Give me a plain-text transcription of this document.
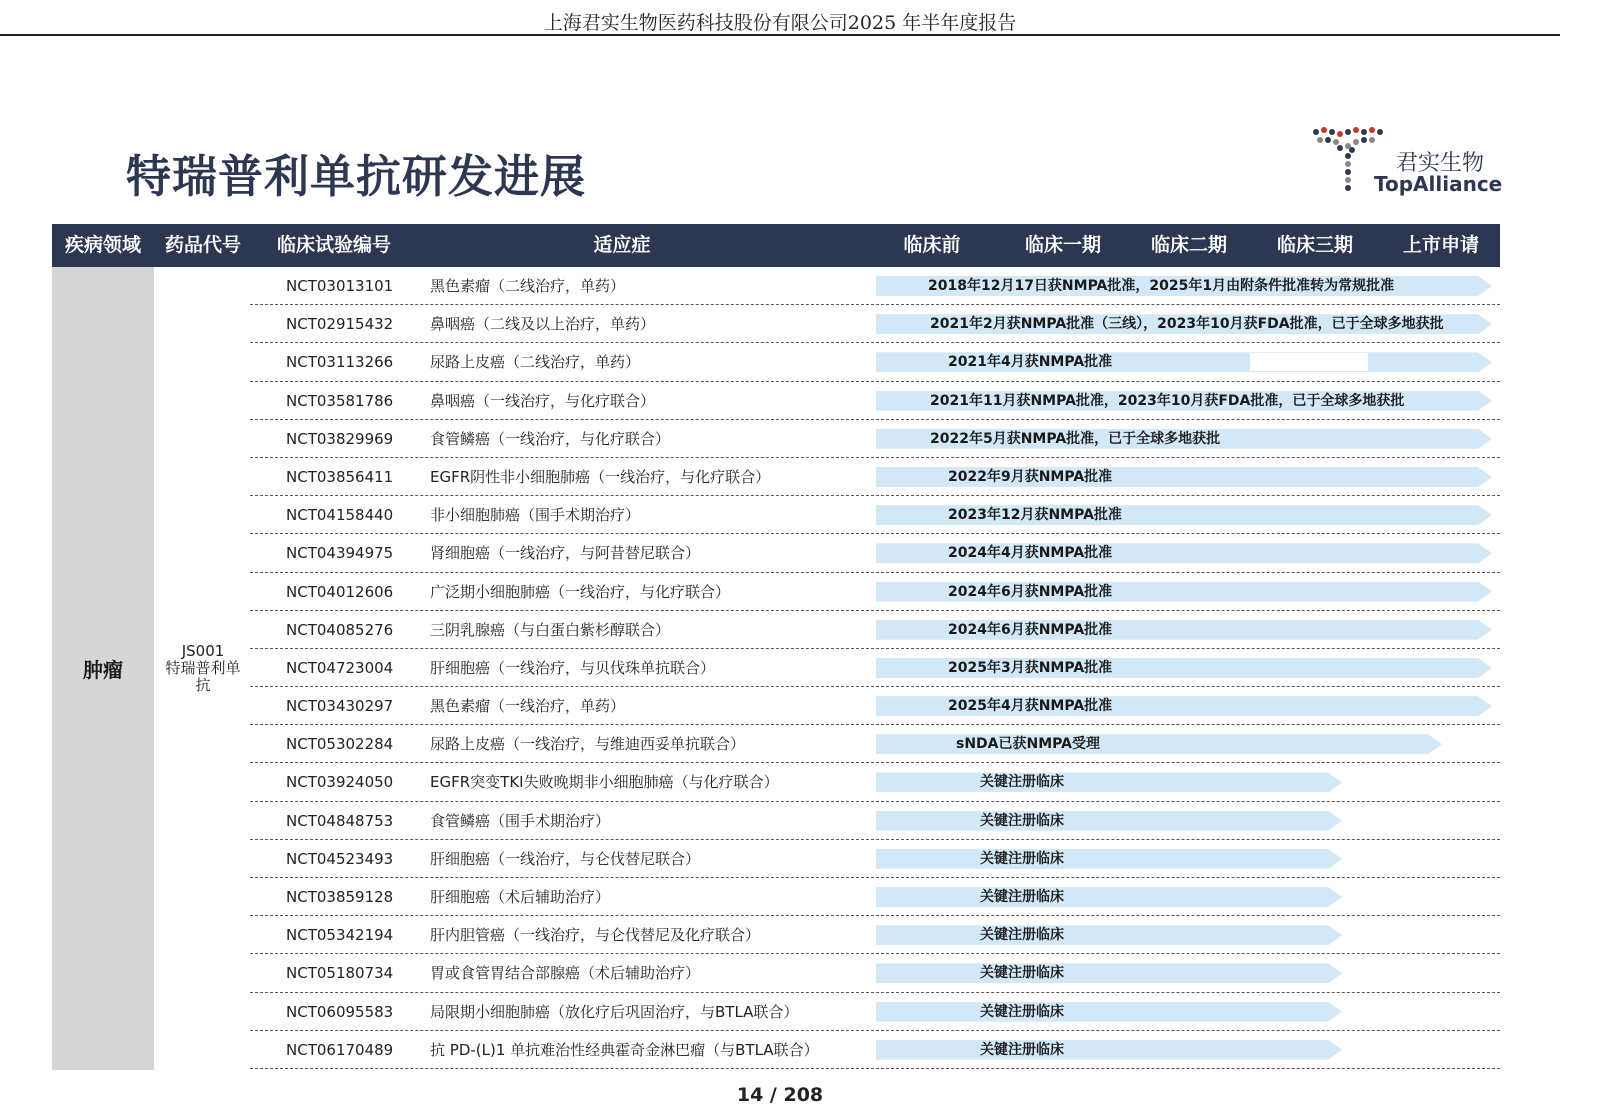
上海君实生物医药科技股份有限公司2025 年半年度报告
特瑞普利单抗研发进展	君实生物
TopAlliance
疾病领域	药品代号	临床试验编号	适应症	临床前	临床一期	临床二期	临床三期	上市申请
肿瘤
JS001
特瑞普利单
抗
NCT03013101 黑色素瘤（二线治疗，单药）	2018年12月17日获NMPA批准，2025年1月由附条件批准转为常规批准
NCT02915432 鼻咽癌（二线及以上治疗，单药）	2021年2月获NMPA批准（三线），2023年10月获FDA批准，已于全球多地获批
NCT03113266 尿路上皮癌（二线治疗，单药）	2021年4月获NMPA批准
NCT03581786 鼻咽癌（一线治疗，与化疗联合）	2021年11月获NMPA批准，2023年10月获FDA批准，已于全球多地获批
NCT03829969 食管鳞癌（一线治疗，与化疗联合）	2022年5月获NMPA批准，已于全球多地获批
NCT03856411 EGFR阴性非小细胞肺癌（一线治疗，与化疗联合）	2022年9月获NMPA批准
NCT04158440 非小细胞肺癌（围手术期治疗）	2023年12月获NMPA批准
NCT04394975 肾细胞癌（一线治疗，与阿昔替尼联合）	2024年4月获NMPA批准
NCT04012606 广泛期小细胞肺癌（一线治疗，与化疗联合）	2024年6月获NMPA批准
NCT04085276 三阴乳腺癌（与白蛋白紫杉醇联合）	2024年6月获NMPA批准
NCT04723004 肝细胞癌（一线治疗，与贝伐珠单抗联合）	2025年3月获NMPA批准
NCT03430297 黑色素瘤（一线治疗，单药）	2025年4月获NMPA批准
NCT05302284 尿路上皮癌（一线治疗，与维迪西妥单抗联合）	sNDA已获NMPA受理
NCT03924050 EGFR突变TKI失败晚期非小细胞肺癌（与化疗联合）	关键注册临床
NCT04848753 食管鳞癌（围手术期治疗）	关键注册临床
NCT04523493 肝细胞癌（一线治疗，与仑伐替尼联合）	关键注册临床
NCT03859128 肝细胞癌（术后辅助治疗）	关键注册临床
NCT05342194 肝内胆管癌（一线治疗，与仑伐替尼及化疗联合）	关键注册临床
NCT05180734 胃或食管胃结合部腺癌（术后辅助治疗）	关键注册临床
NCT06095583 局限期小细胞肺癌（放化疗后巩固治疗，与BTLA联合）	关键注册临床
NCT06170489 抗 PD-(L)1 单抗难治性经典霍奇金淋巴瘤（与BTLA联合）	关键注册临床
14 / 208
